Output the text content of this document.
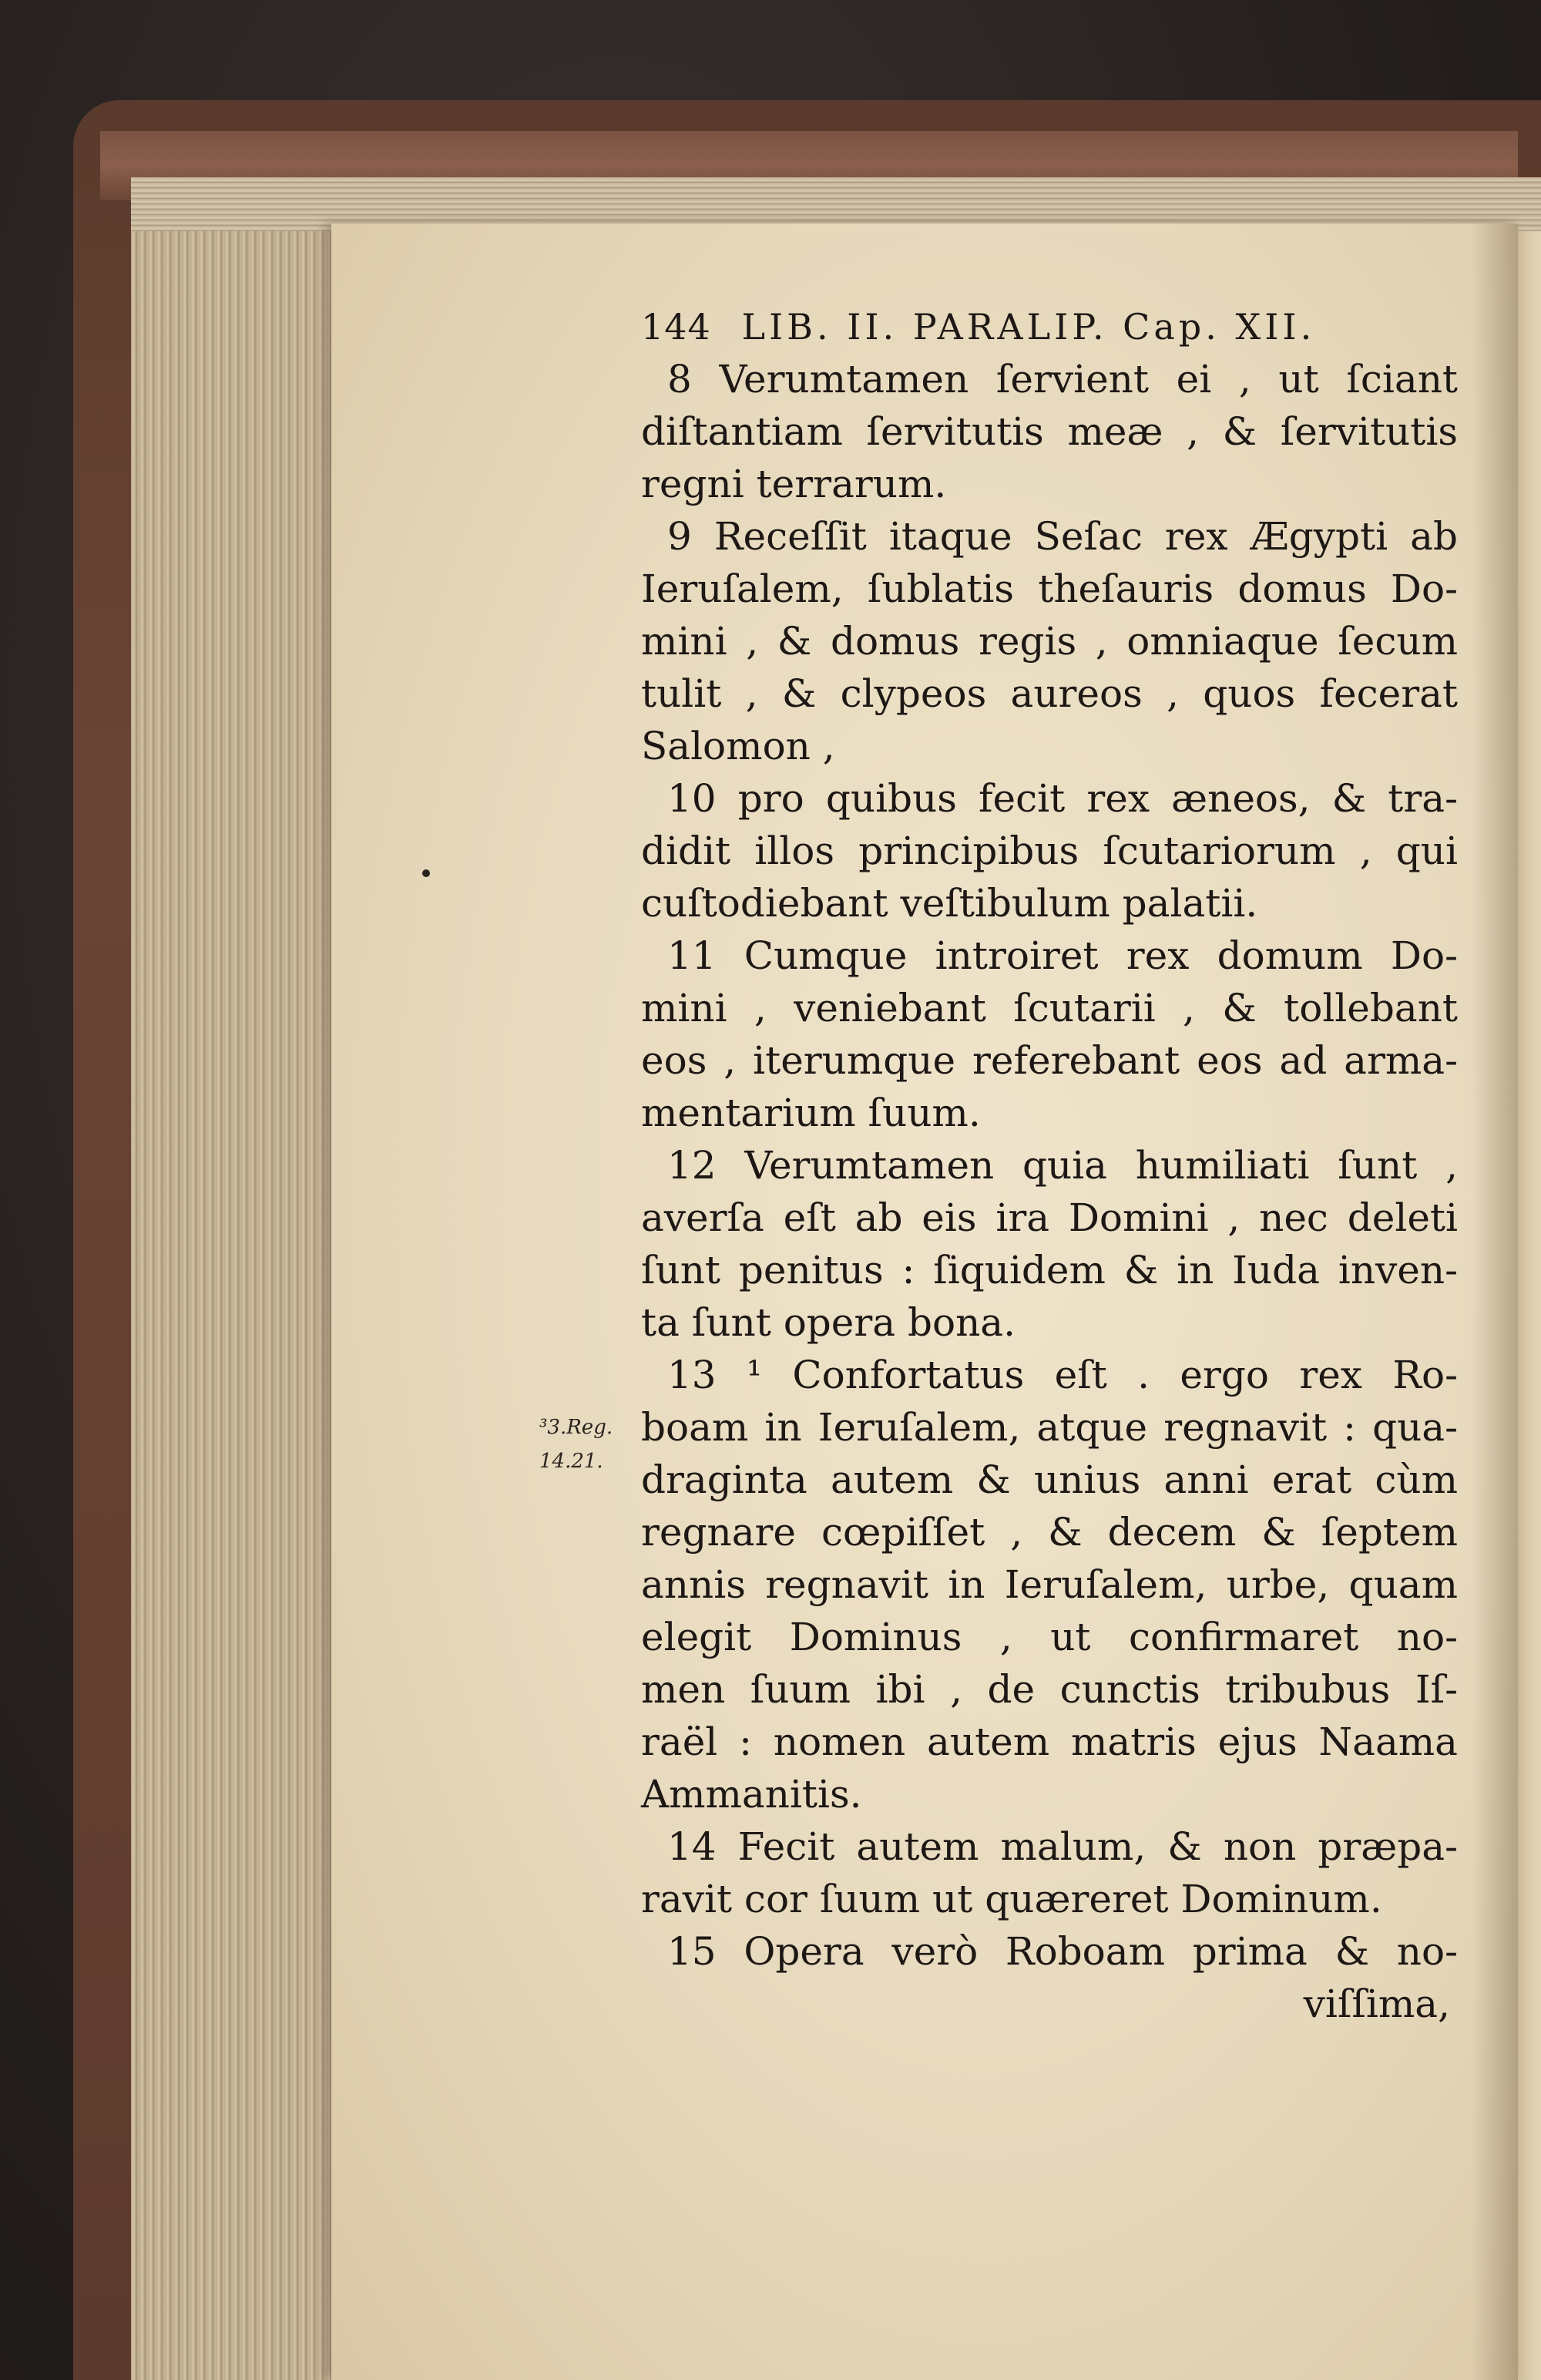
³3.Reg.
14.21.
144 LIB. II. PARALIP. Cap. XII.
8 Verumtamen ſervient ei , ut ſciant
diſtantiam ſervitutis meæ , & ſervitutis
regni terrarum.
9 Receſſit itaque Seſac rex Ægypti ab
Ieruſalem, ſublatis theſauris domus Do-
mini , & domus regis , omniaque ſecum
tulit , & clypeos aureos , quos fecerat
Salomon ,
10 pro quibus fecit rex æneos, & tra-
didit illos principibus ſcutariorum , qui
cuſtodiebant veſtibulum palatii.
11 Cumque introiret rex domum Do-
mini , veniebant ſcutarii , & tollebant
eos , iterumque referebant eos ad arma-
mentarium ſuum.
12 Verumtamen quia humiliati ſunt ,
averſa eſt ab eis ira Domini , nec deleti
ſunt penitus : ſiquidem & in Iuda inven-
ta ſunt opera bona.
13 ¹ Confortatus eſt . ergo rex Ro-
boam in Ieruſalem, atque regnavit : qua-
draginta autem & unius anni erat cùm
regnare cœpiſſet , & decem & ſeptem
annis regnavit in Ieruſalem, urbe, quam
elegit Dominus , ut confirmaret no-
men ſuum ibi , de cunctis tribubus Iſ-
raël : nomen autem matris ejus Naama
Ammanitis.
14 Fecit autem malum, & non præpa-
ravit cor ſuum ut quæreret Dominum.
15 Opera verò Roboam prima & no-
viſſima,
